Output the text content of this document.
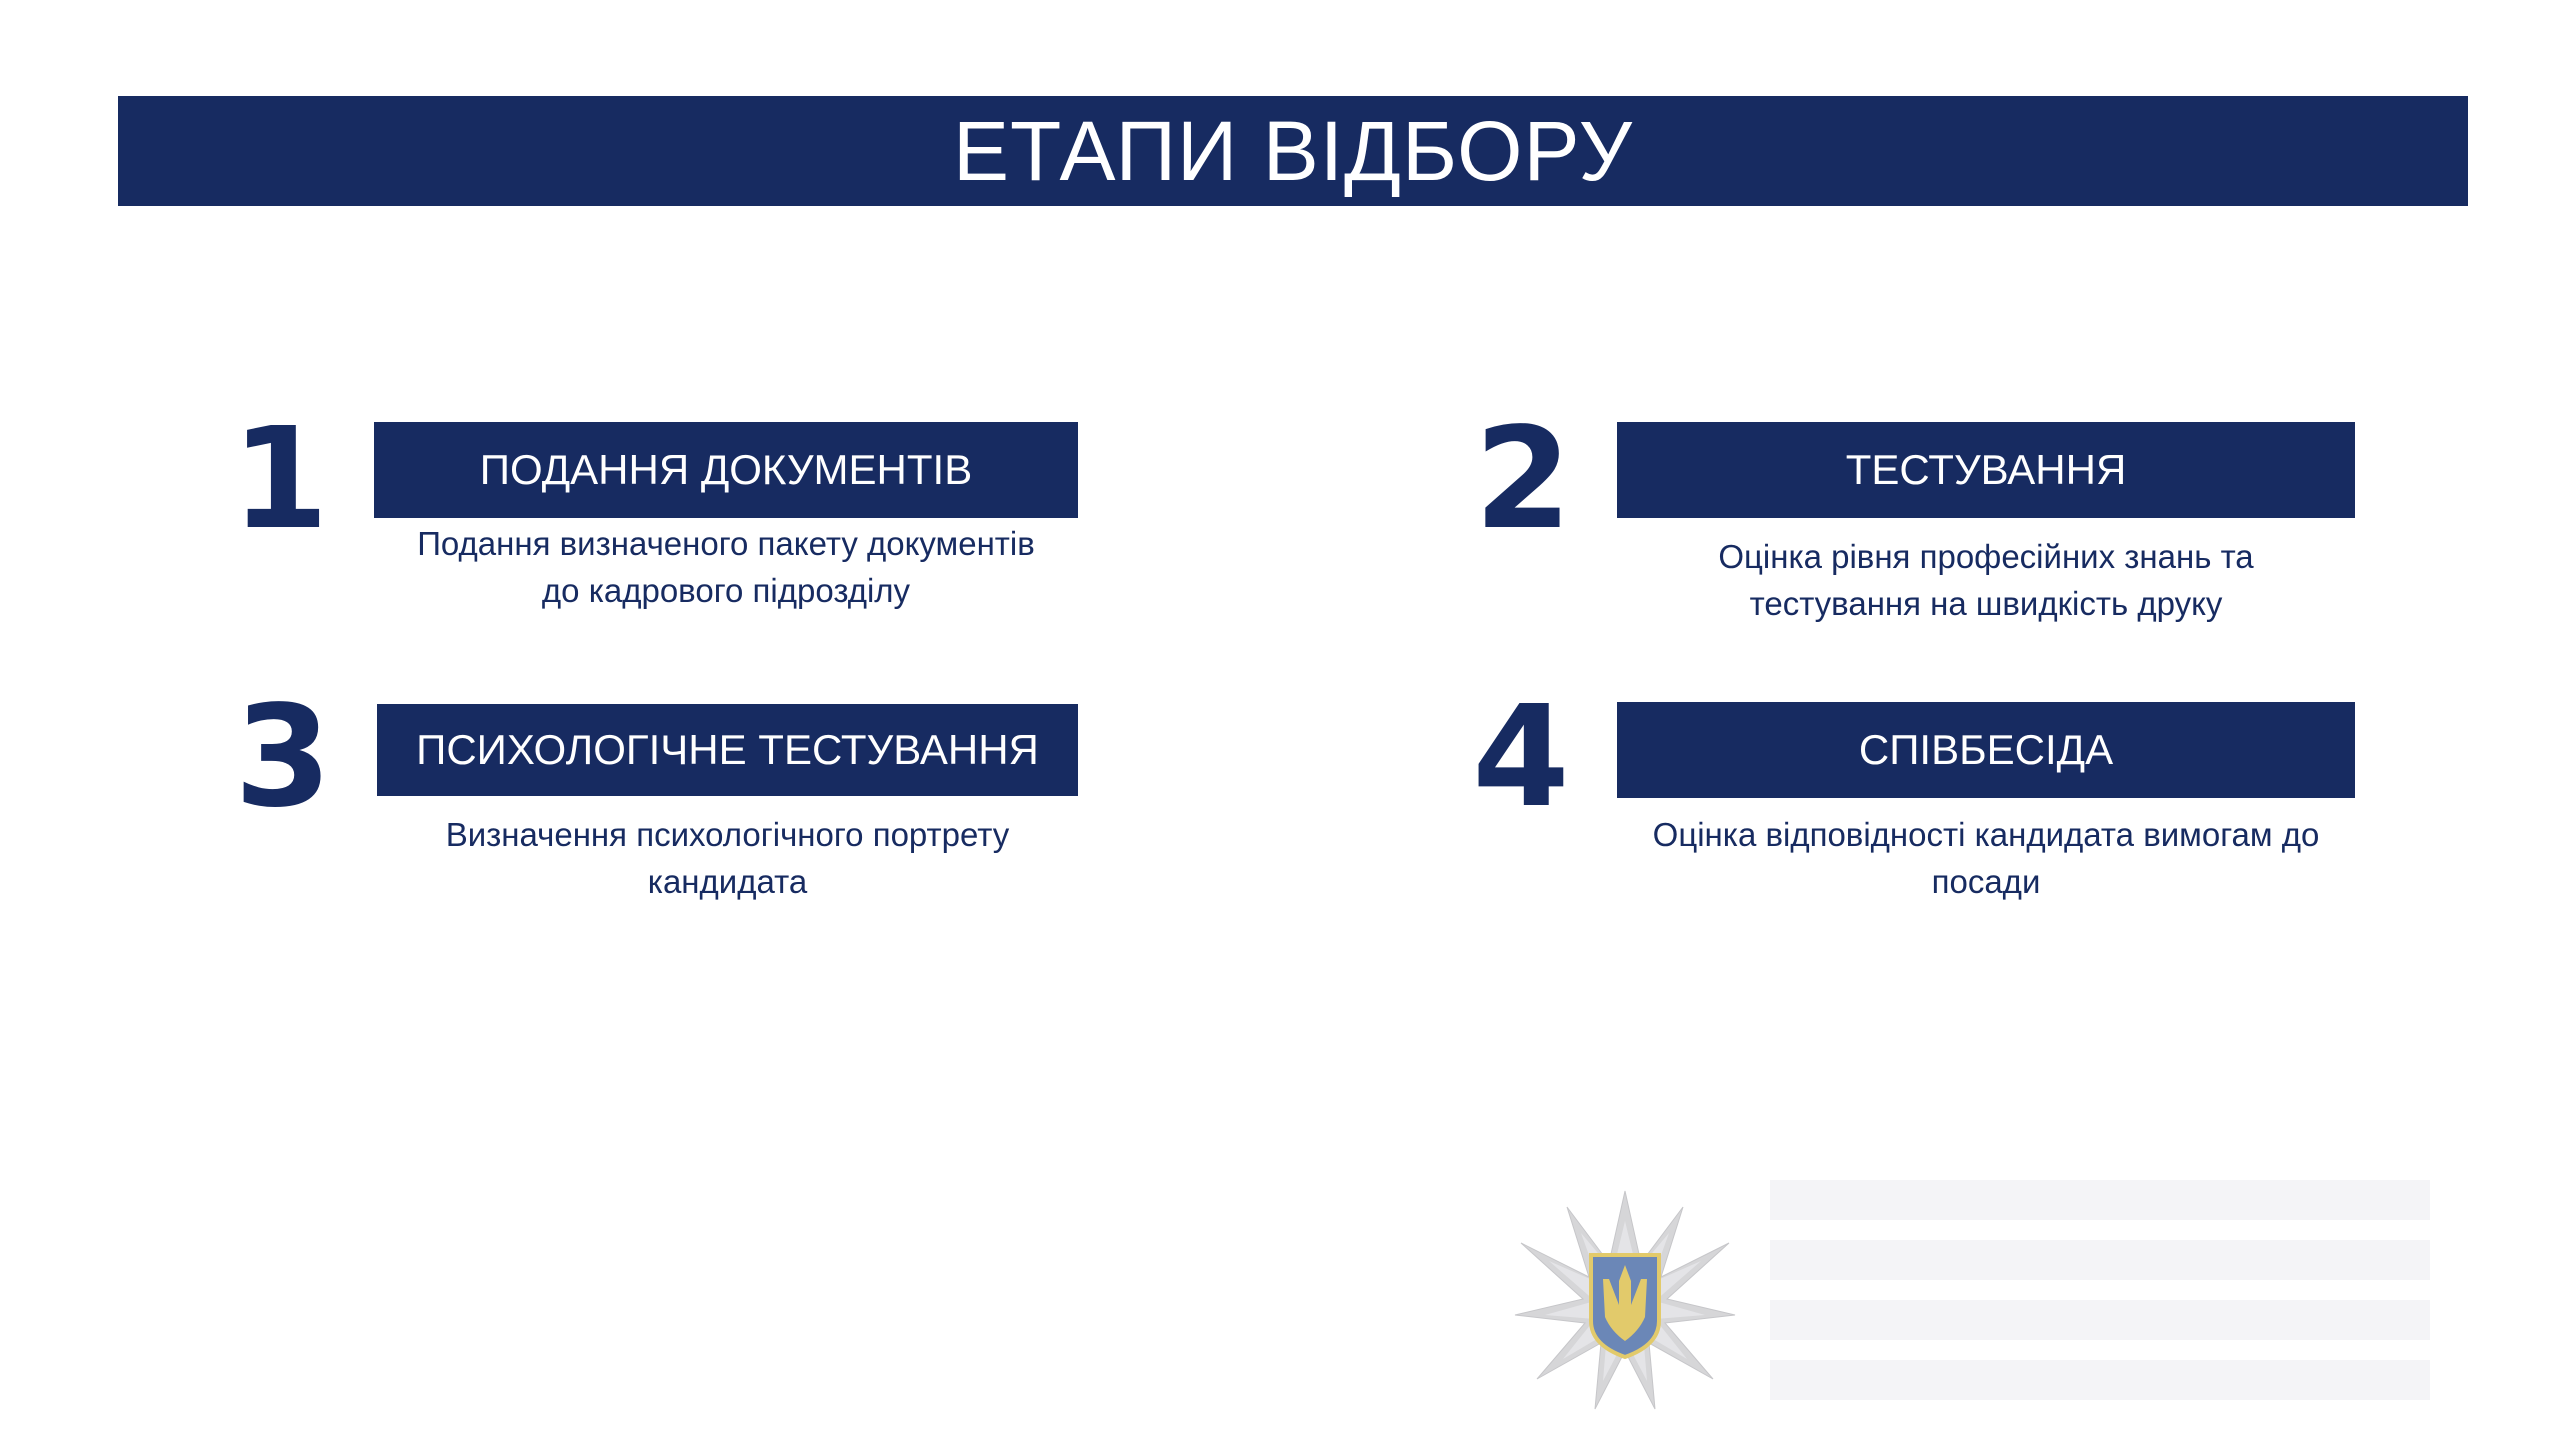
ЕТАПИ ВІДБОРУ
1	ПОДАННЯ ДОКУМЕНТІВ
Подання визначеного пакету документів
до кадрового підрозділу
2	ТЕСТУВАННЯ
Оцінка рівня професійних знань та
тестування на швидкість друку
3	ПСИХОЛОГІЧНЕ ТЕСТУВАННЯ
Визначення психологічного портрету
кандидата
4	СПІВБЕСІДА
Оцінка відповідності кандидата вимогам до
посади
